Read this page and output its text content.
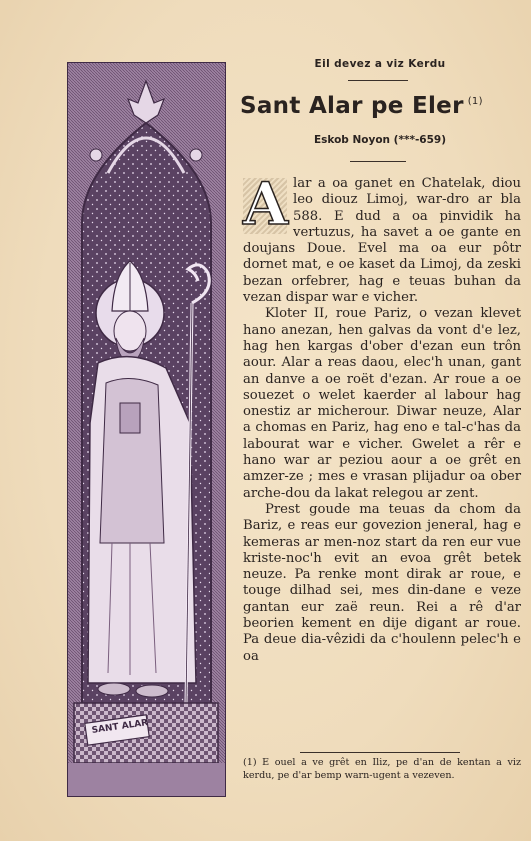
SANT ALAR
Eil devez a viz Kerdu
Sant Alar pe Eler $^{(1)}$
Eskob Noyon (***-659)

A lar a oa ganet en Chatelak, diou leo diouz Limoj, war-dro ar bla 588. E dud a oa pinvidik ha vertuzus, ha savet a oe gante en doujans Doue. Evel ma oa eur pôtr dornet mat, e oe kaset da Limoj, da zeski bezan orfebrer, hag e teuas buhan da vezan dispar war e vicher.

Kloter II, roue Pariz, o vezan klevet hano anezan, hen galvas da vont d'e lez, hag hen kargas d'ober d'ezan eun trôn aour. Alar a reas daou, elec'h unan, gant an danve a oe roët d'ezan. Ar roue a oe souezet o welet kaerder al labour hag onestiz ar micherour. Diwar neuze, Alar a chomas en Pariz, hag eno e tal-c'has da labourat war e vicher. Gwelet a rêr e hano war ar peziou aour a oe grêt en amzer-ze ; mes e vrasan plijadur oa ober arche-dou da lakat relegou ar zent.

Prest goude ma teuas da chom da Bariz, e reas eur govezion jeneral, hag e kemeras ar men-noz start da ren eur vue kriste-noc'h evit an evoa grêt betek neuze. Pa renke mont dirak ar roue, e touge dilhad sei, mes din-dane e veze gantan eur zaë reun. Rei a rê d'ar beorien kement en dije digant ar roue. Pa deue dia-vêzidi da c'houlenn pelec'h e oa

(1) E ouel a ve grêt en Iliz, pe d'an de kentan a viz kerdu, pe d'ar bemp warn-ugent a vezeven.
